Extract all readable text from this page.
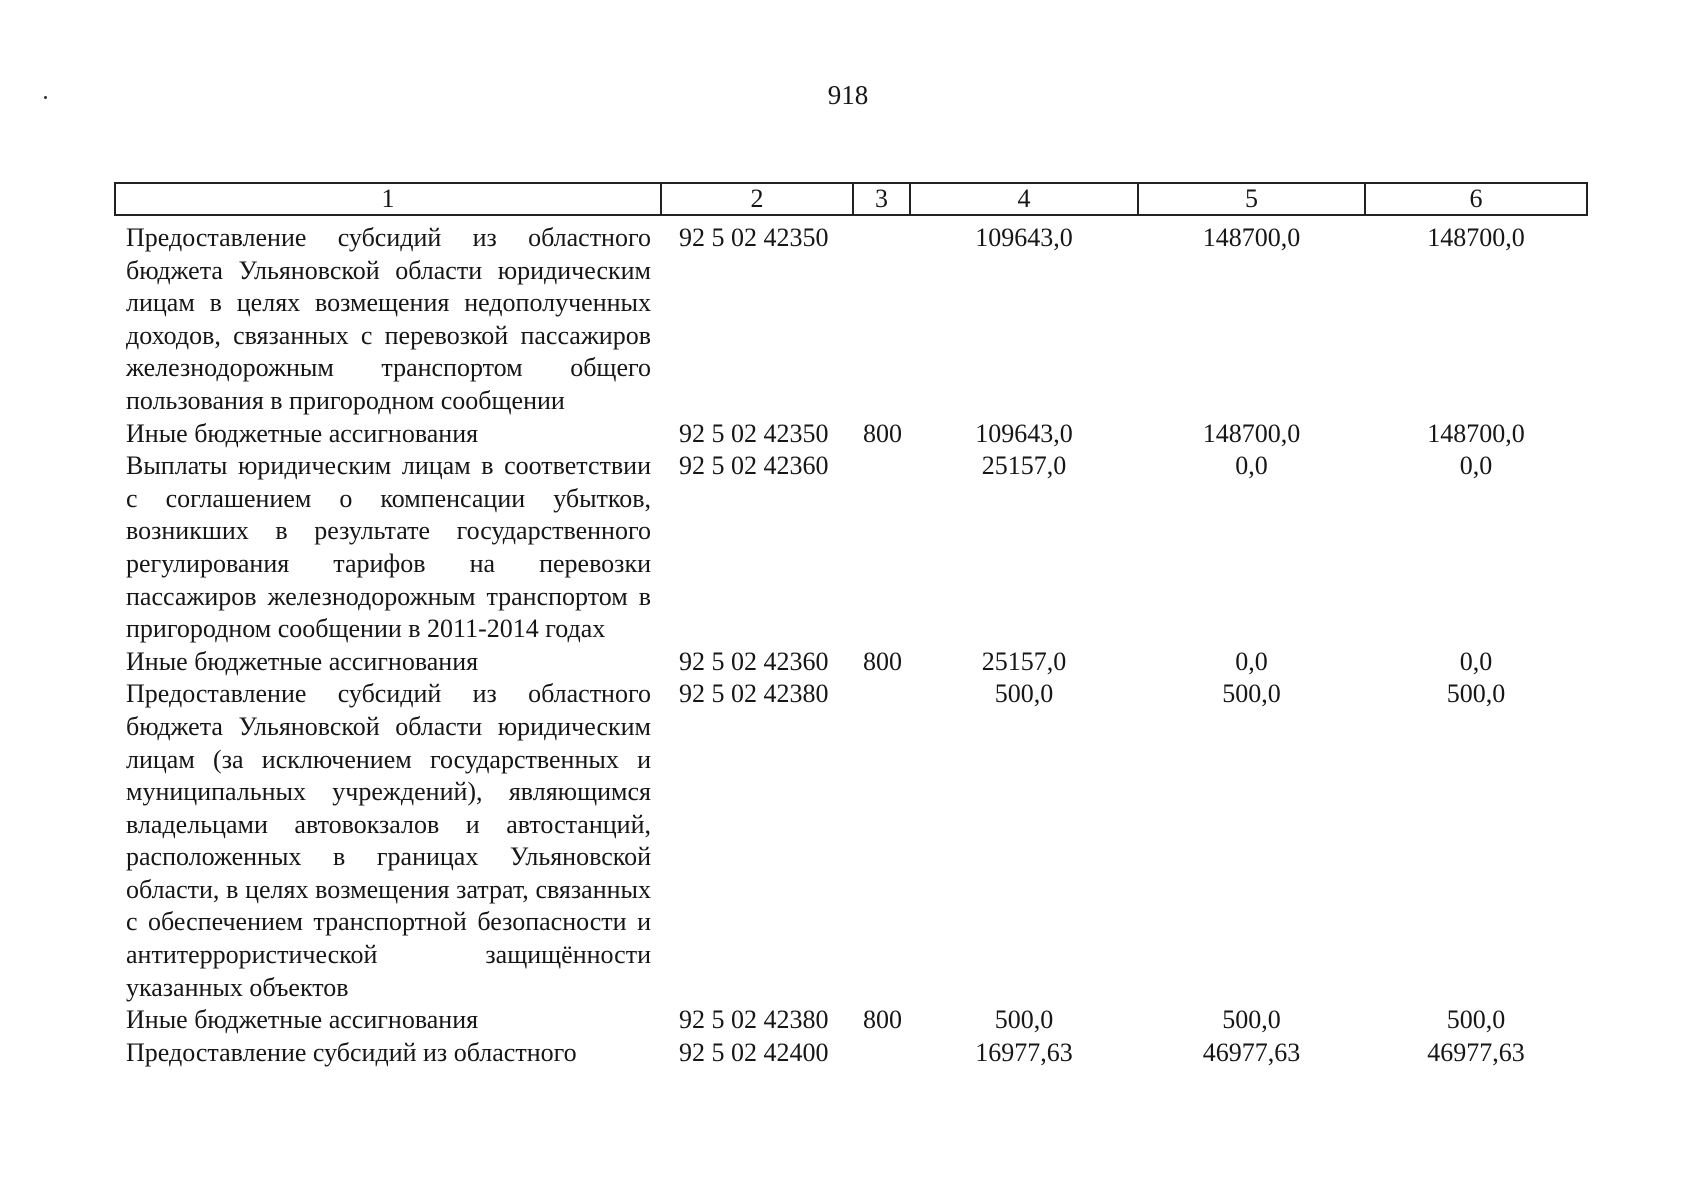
918
1	2	3	4	5	6
Предоставление субсидий из областного бюджета Ульяновской области юридическим лицам в целях возмещения недополученных доходов, связанных с перевозкой пассажиров железнодорожным транспортом общего пользования в пригородном сообщении	92 5 02 42350		109643,0	148700,0	148700,0
Иные бюджетные ассигнования	92 5 02 42350	800	109643,0	148700,0	148700,0
Выплаты юридическим лицам в соответствии с соглашением о компенсации убытков, возникших в результате государственного регулирования тарифов на перевозки пассажиров железнодорожным транспортом в пригородном сообщении в 2011-2014 годах	92 5 02 42360		25157,0	0,0	0,0
Иные бюджетные ассигнования	92 5 02 42360	800	25157,0	0,0	0,0
Предоставление субсидий из областного бюджета Ульяновской области юридическим лицам (за исключением государственных и муниципальных учреждений), являющимся владельцами автовокзалов и автостанций, расположенных в границах Ульяновской области, в целях возмещения затрат, связанных с обеспечением транспортной безопасности и антитеррористической защищённости указанных объектов	92 5 02 42380		500,0	500,0	500,0
Иные бюджетные ассигнования	92 5 02 42380	800	500,0	500,0	500,0
Предоставление субсидий из областного	92 5 02 42400		16977,63	46977,63	46977,63
